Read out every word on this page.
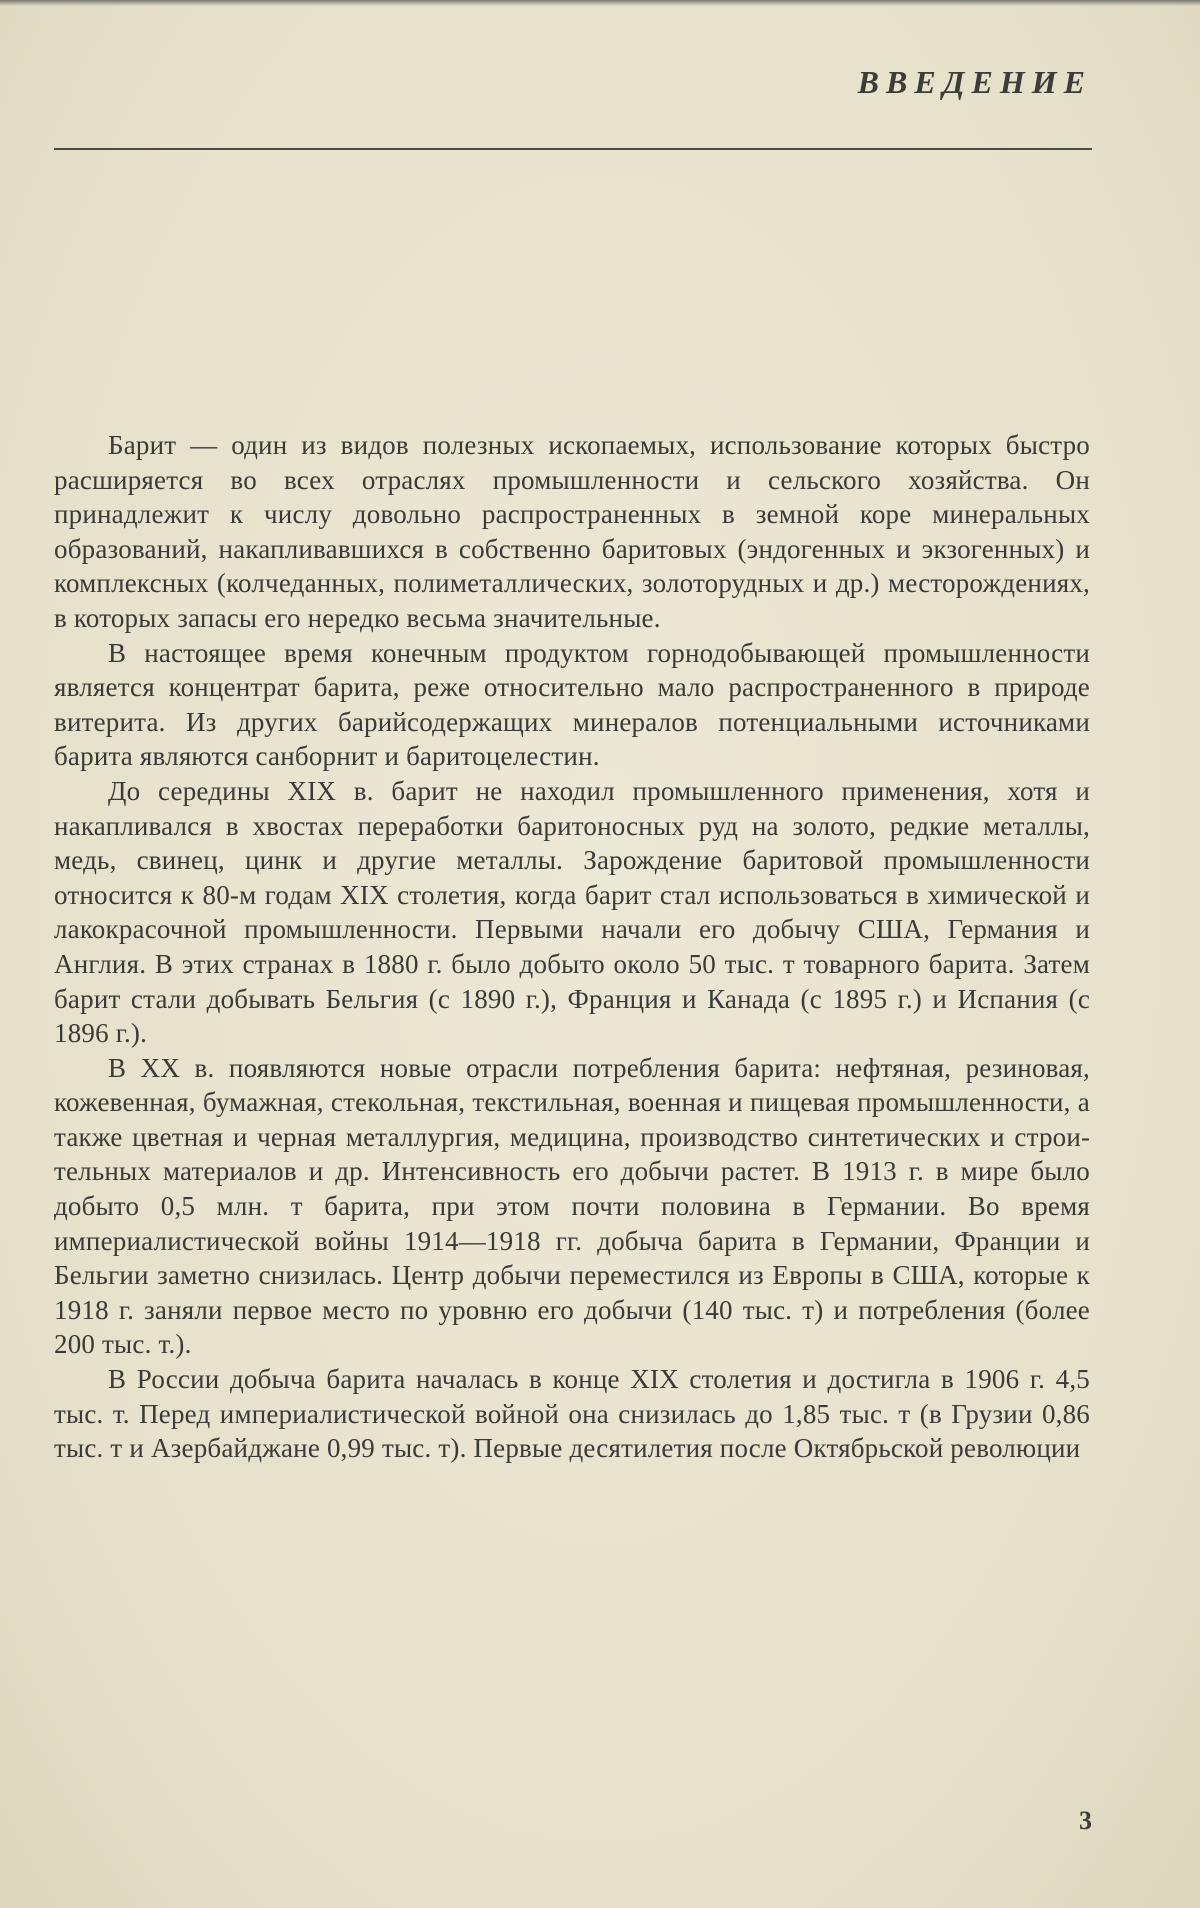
ВВЕДЕНИЕ

Барит — один из видов полезных ископаемых, использование которых быстро расширяется во всех отраслях промышленности и сельского хозяйства. Он принадлежит к числу довольно распространенных в земной коре минеральных образований, накапливавшихся в собственно баритовых (эндогенных и экзогенных) и комплексных (колчеданных, полиметаллических, золоторудных и др.) месторождениях, в которых запасы его нередко весьма значительные.

В настоящее время конечным продуктом горнодобывающей промышленности является концентрат барита, реже относительно мало распространенного в природе витерита. Из других барийсодержащих минералов потенциальными источниками барита являются санборнит и баритоцелестин.

До середины XIX в. барит не находил промышленного применения, хотя и накапливался в хвостах переработки баритоносных руд на золото, редкие металлы, медь, свинец, цинк и другие металлы. Зарождение баритовой промышленности относится к 80-м годам XIX столетия, когда барит стал использоваться в химической и лакокрасочной промышленности. Первыми начали его добычу США, Германия и Англия. В этих странах в 1880 г. было добыто около 50 тыс. т товарного барита. Затем барит стали добывать Бельгия (с 1890 г.), Франция и Канада (с 1895 г.) и Испания (с 1896 г.).

В XX в. появляются новые отрасли потребления барита: нефтяная, резиновая, кожевенная, бумажная, стекольная, текстильная, военная и пищевая промышленности, а также цветная и черная металлургия, медицина, производство синтетических и строительных материалов и др. Интенсивность его добычи растет. В 1913 г. в мире было добыто 0,5 млн. т барита, при этом почти половина в Германии. Во время империалистической войны 1914—1918 гг. добыча барита в Германии, Франции и Бельгии заметно снизилась. Центр добычи переместился из Европы в США, которые к 1918 г. заняли первое место по уровню его добычи (140 тыс. т) и потребления (более 200 тыс. т.).

В России добыча барита началась в конце XIX столетия и достигла в 1906 г. 4,5 тыс. т. Перед империалистической войной она снизилась до 1,85 тыс. т (в Грузии 0,86 тыс. т и Азербайджане 0,99 тыс. т). Первые десятилетия после Октябрьской революции

3
